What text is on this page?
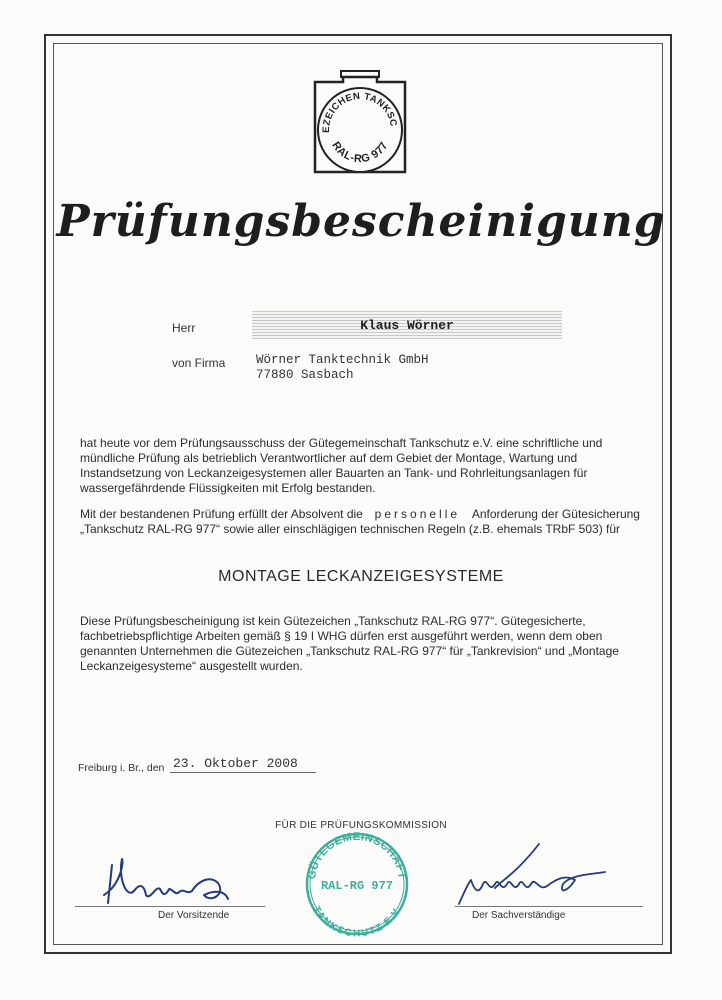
GÜTEZEICHEN TANKSCHUTZ
RAL-RG 977
Prüfungsbescheinigung
Herr	Klaus Wörner
von Firma Wörner Tanktechnik GmbH
77880 Sasbach
hat heute vor dem Prüfungsausschuss der Gütegemeinschaft Tankschutz e.V. eine schriftliche und
mündliche Prüfung als betrieblich Verantwortlicher auf dem Gebiet der Montage, Wartung und
Instandsetzung von Leckanzeigesystemen aller Bauarten an Tank- und Rohrleitungsanlagen für
wassergefährdende Flüssigkeiten mit Erfolg bestanden.
Mit der bestandenen Prüfung erfüllt der Absolvent die personelle Anforderung der Gütesicherung
„Tankschutz RAL-RG 977“ sowie aller einschlägigen technischen Regeln (z.B. ehemals TRbF 503) für
MONTAGE LECKANZEIGESYSTEME
Diese Prüfungsbescheinigung ist kein Gütezeichen „Tankschutz RAL-RG 977“. Gütegesicherte,
fachbetriebspflichtige Arbeiten gemäß § 19 I WHG dürfen erst ausgeführt werden, wenn dem oben
genannten Unternehmen die Gütezeichen „Tankschutz RAL-RG 977“ für „Tankrevision“ und „Montage
Leckanzeigesysteme“ ausgestellt wurden.
Freiburg i. Br., den 23. Oktober 2008
FÜR DIE PRÜFUNGSKOMMISSION
Der Vorsitzende
GÜTEGEMEINSCHAFT
RAL-RG 977
TANKSCHUTZ E.V.
Der Sachverständige
